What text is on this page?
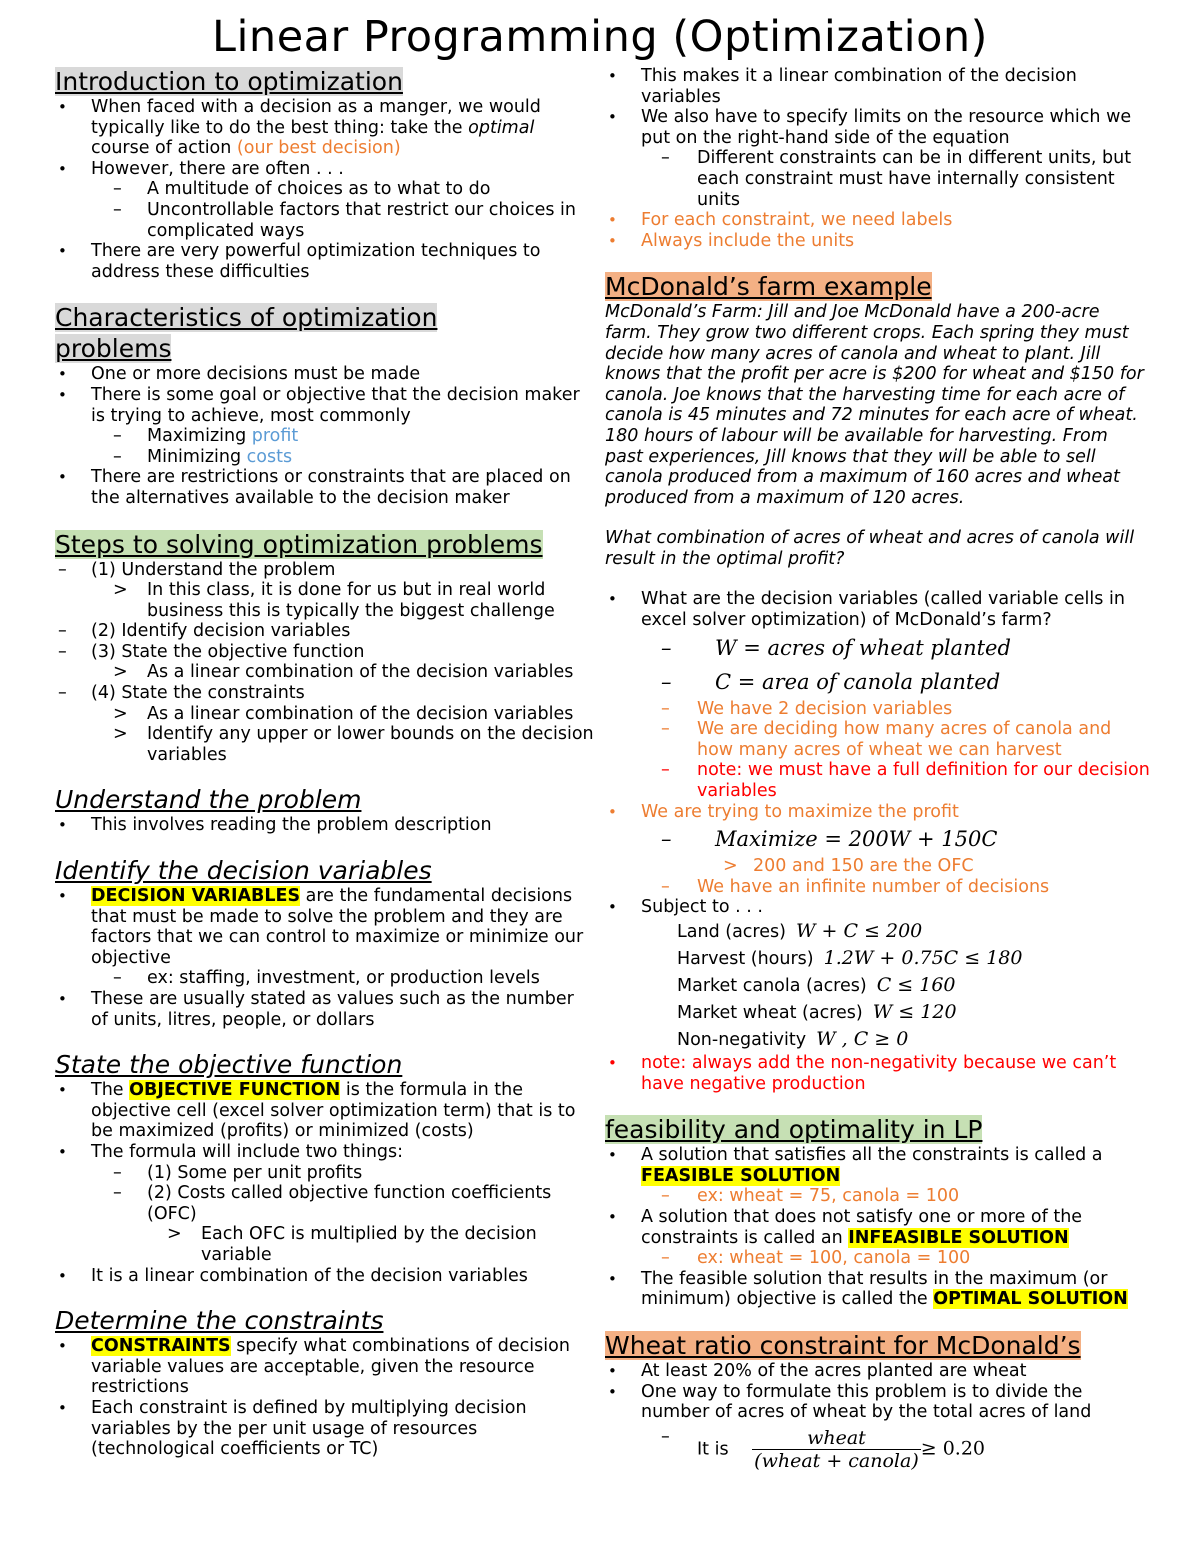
Linear Programming (Optimization)
Introduction to optimization
• When faced with a decision as a manger, we would typically like to do the best thing: take the optimal course of action (our best decision)
• However, there are often . . .
– A multitude of choices as to what to do
– Uncontrollable factors that restrict our choices in complicated ways
• There are very powerful optimization techniques to address these difficulties
Characteristics of optimization problems
• One or more decisions must be made
• There is some goal or objective that the decision maker is trying to achieve, most commonly
– Maximizing profit
– Minimizing costs
• There are restrictions or constraints that are placed on the alternatives available to the decision maker
Steps to solving optimization problems
– (1) Understand the problem
> In this class, it is done for us but in real world business this is typically the biggest challenge
– (2) Identify decision variables
– (3) State the objective function
> As a linear combination of the decision variables
– (4) State the constraints
> As a linear combination of the decision variables
> Identify any upper or lower bounds on the decision variables
Understand the problem
• This involves reading the problem description
Identify the decision variables
• DECISION VARIABLES are the fundamental decisions that must be made to solve the problem and they are factors that we can control to maximize or minimize our objective
– ex: staffing, investment, or production levels
• These are usually stated as values such as the number of units, litres, people, or dollars
State the objective function
• The OBJECTIVE FUNCTION is the formula in the objective cell (excel solver optimization term) that is to be maximized (profits) or minimized (costs)
• The formula will include two things:
– (1) Some per unit profits
– (2) Costs called objective function coefficients (OFC)
> Each OFC is multiplied by the decision variable
• It is a linear combination of the decision variables
Determine the constraints
• CONSTRAINTS specify what combinations of decision variable values are acceptable, given the resource restrictions
• Each constraint is defined by multiplying decision variables by the per unit usage of resources (technological coefficients or TC)
• This makes it a linear combination of the decision variables
• We also have to specify limits on the resource which we put on the right-hand side of the equation
– Different constraints can be in different units, but each constraint must have internally consistent units
• For each constraint, we need labels
• Always include the units
McDonald’s farm example

McDonald’s Farm: Jill and Joe McDonald have a 200-acre farm. They grow two different crops. Each spring they must decide how many acres of canola and wheat to plant. Jill knows that the profit per acre is $200 for wheat and $150 for canola. Joe knows that the harvesting time for each acre of canola is 45 minutes and 72 minutes for each acre of wheat. 180 hours of labour will be available for harvesting. From past experiences, Jill knows that they will be able to sell canola produced from a maximum of 160 acres and wheat produced from a maximum of 120 acres.

What combination of acres of wheat and acres of canola will result in the optimal profit?

• What are the decision variables (called variable cells in excel solver optimization) of McDonald’s farm?
– W = acres of wheat planted
– C = area of canola planted
– We have 2 decision variables
– We are deciding how many acres of canola and how many acres of wheat we can harvest
– note: we must have a full definition for our decision variables
• We are trying to maximize the profit
– Maximize = 200W + 150C
> 200 and 150 are the OFC
– We have an infinite number of decisions
• Subject to . . .
Land (acres) W + C ≤ 200
Harvest (hours) 1.2W + 0.75C ≤ 180
Market canola (acres) C ≤ 160
Market wheat (acres) W ≤ 120
Non-negativity W , C ≥ 0
• note: always add the non-negativity because we can’t have negative production
feasibility and optimality in LP
• A solution that satisfies all the constraints is called a FEASIBLE SOLUTION
– ex: wheat = 75, canola = 100
• A solution that does not satisfy one or more of the constraints is called an INFEASIBLE SOLUTION
– ex: wheat = 100, canola = 100
• The feasible solution that results in the maximum (or minimum) objective is called the OPTIMAL SOLUTION
Wheat ratio constraint for McDonald’s
• At least 20% of the acres planted are wheat
• One way to formulate this problem is to divide the number of acres of wheat by the total acres of land
– It is $\frac{\text{wheat}}{\text{(wheat + canola)}} \ge 0.20$
